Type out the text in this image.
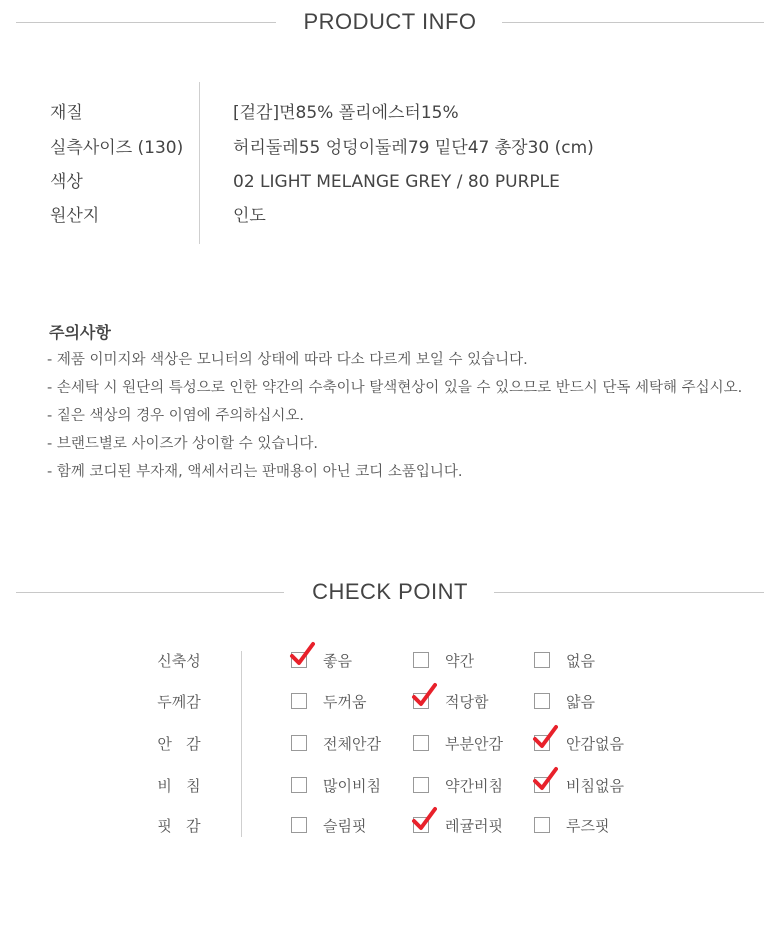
PRODUCT INFO
재질	[겉감]면85% 폴리에스터15%
실측사이즈 (130)	허리둘레55 엉덩이둘레79 밑단47 총장30 (cm)
색상	02 LIGHT MELANGE GREY / 80 PURPLE
원산지	인도
주의사항
- 제품 이미지와 색상은 모니터의 상태에 따라 다소 다르게 보일 수 있습니다.
- 손세탁 시 원단의 특성으로 인한 약간의 수축이나 탈색현상이 있을 수 있으므로 반드시 단독 세탁해 주십시오.
- 짙은 색상의 경우 이염에 주의하십시오.
- 브랜드별로 사이즈가 상이할 수 있습니다.
- 함께 코디된 부자재, 액세서리는 판매용이 아닌 코디 소품입니다.
CHECK POINT
신축성	좋음	약간	없음
두께감	두꺼움	적당함	얇음
안   감	전체안감	부분안감	안감없음
비   침	많이비침	약간비침	비침없음
핏   감	슬림핏	레귤러핏	루즈핏
